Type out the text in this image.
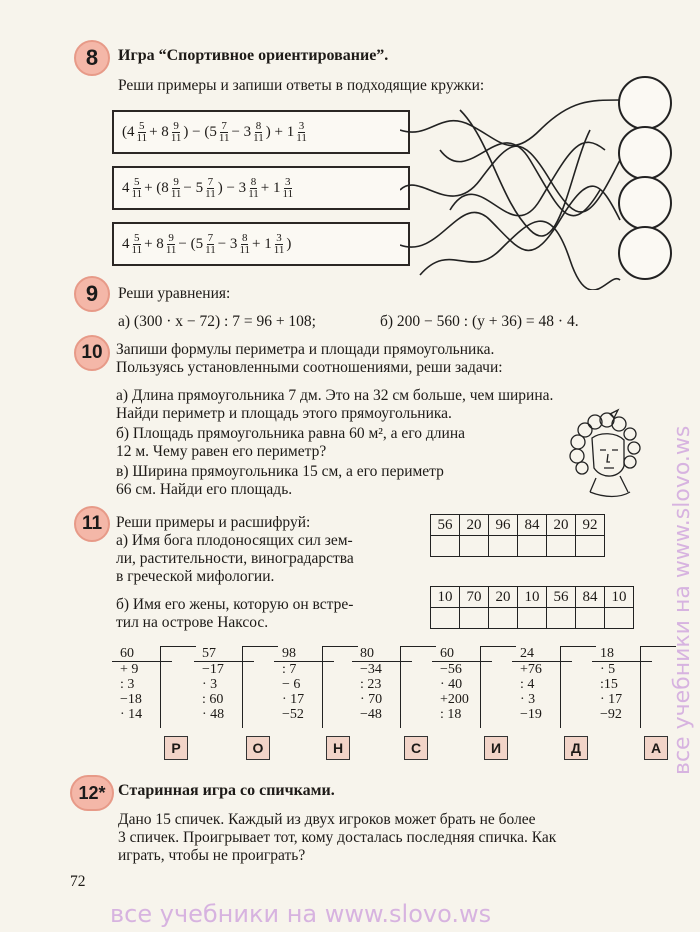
8	Игра “Спортивное ориентирование”.
Реши примеры и запиши ответы в подходящие кружки:
($4 \frac{5}{11} + 8 \frac{9}{11}$ ) − ($5 \frac{7}{11} - 3 \frac{8}{11}$ ) + $1 \frac{3}{11}$
$4 \frac{5}{11} + (8 \frac{9}{11} - 5 \frac{7}{11}$ ) − $3 \frac{8}{11} + 1 \frac{3}{11}$
$4 \frac{5}{11} + 8 \frac{9}{11} - (5 \frac{7}{11} - 3 \frac{8}{11} + 1 \frac{3}{11}$ )
9	Реши уравнения:
а) (300 · x − 72) : 7 = 96 + 108;	б) 200 − 560 : (y + 36) = 48 · 4.
10 Запиши формулы периметра и площади прямоугольника.
Пользуясь установленными соотношениями, реши задачи:
а) Длина прямоугольника 7 дм. Это на 32 см больше, чем ширина.
Найди периметр и площадь этого прямоугольника.
б) Площадь прямоугольника равна 60 м², а его длина
12 м. Чему равен его периметр?
в) Ширина прямоугольника 15 см, а его периметр
66 см. Найди его площадь.
11 Реши примеры и расшифруй:
а) Имя бога плодоносящих сил зем-
ли, растительности, виноградарства
в греческой мифологии.
б) Имя его жены, которую он встре-
тил на острове Наксос.
56	20	96	84	20	92

10	70	20	10	56	84	10

60
+ 9
: 3
−18
· 14
Р
57
−17
· 3
: 60
· 48
О
98
: 7
− 6
· 17
−52
Н
80
−34
: 23
· 70
−48
С
60
−56
· 40
+200
: 18
И
24
+76
: 4
· 3
−19
Д
18
· 5
:15
· 17
−92
А
12* Старинная игра со спичками.
Дано 15 спичек. Каждый из двух игроков может брать не более
3 спичек. Проигрывает тот, кому досталась последняя спичка. Как
играть, чтобы не проиграть?
72
все учебники на www.slovo.ws
все учебники на www.slovo.ws
